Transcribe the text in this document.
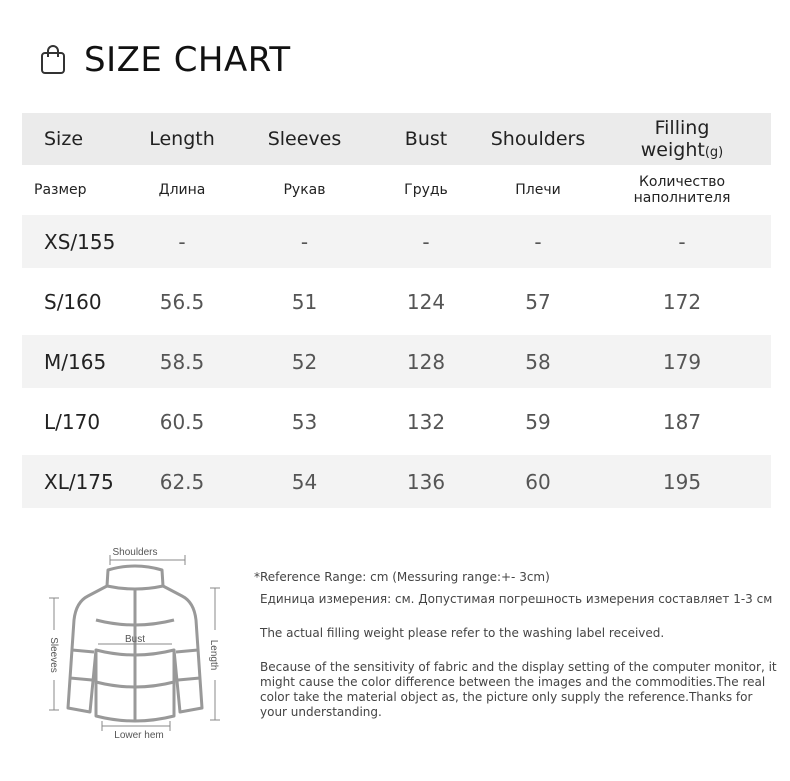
SIZE CHART
Size	Length	Sleeves	Bust	Shoulders	Filling weight(g)
Размер	Длина	Рукав	Грудь	Плечи	Количество
наполнителя
XS/155	-	-	-	-	-
S/160	56.5	51	124	57	172
M/165	58.5	52	128	58	179
L/170	60.5	53	132	59	187
XL/175	62.5	54	136	60	195
Shoulders
Bust
Sleeves	Length
Lower hem

*Reference Range: cm (Messuring range:+- 3cm)

Единица измерения: см. Допустимая погрешность измерения составляет 1-3 см

The actual filling weight please refer to the washing label received.

Because of the sensitivity of fabric and the display setting of the computer monitor, it might cause the color difference between the images and the commodities.The real color take the material object as, the picture only supply the reference.Thanks for your understanding.
